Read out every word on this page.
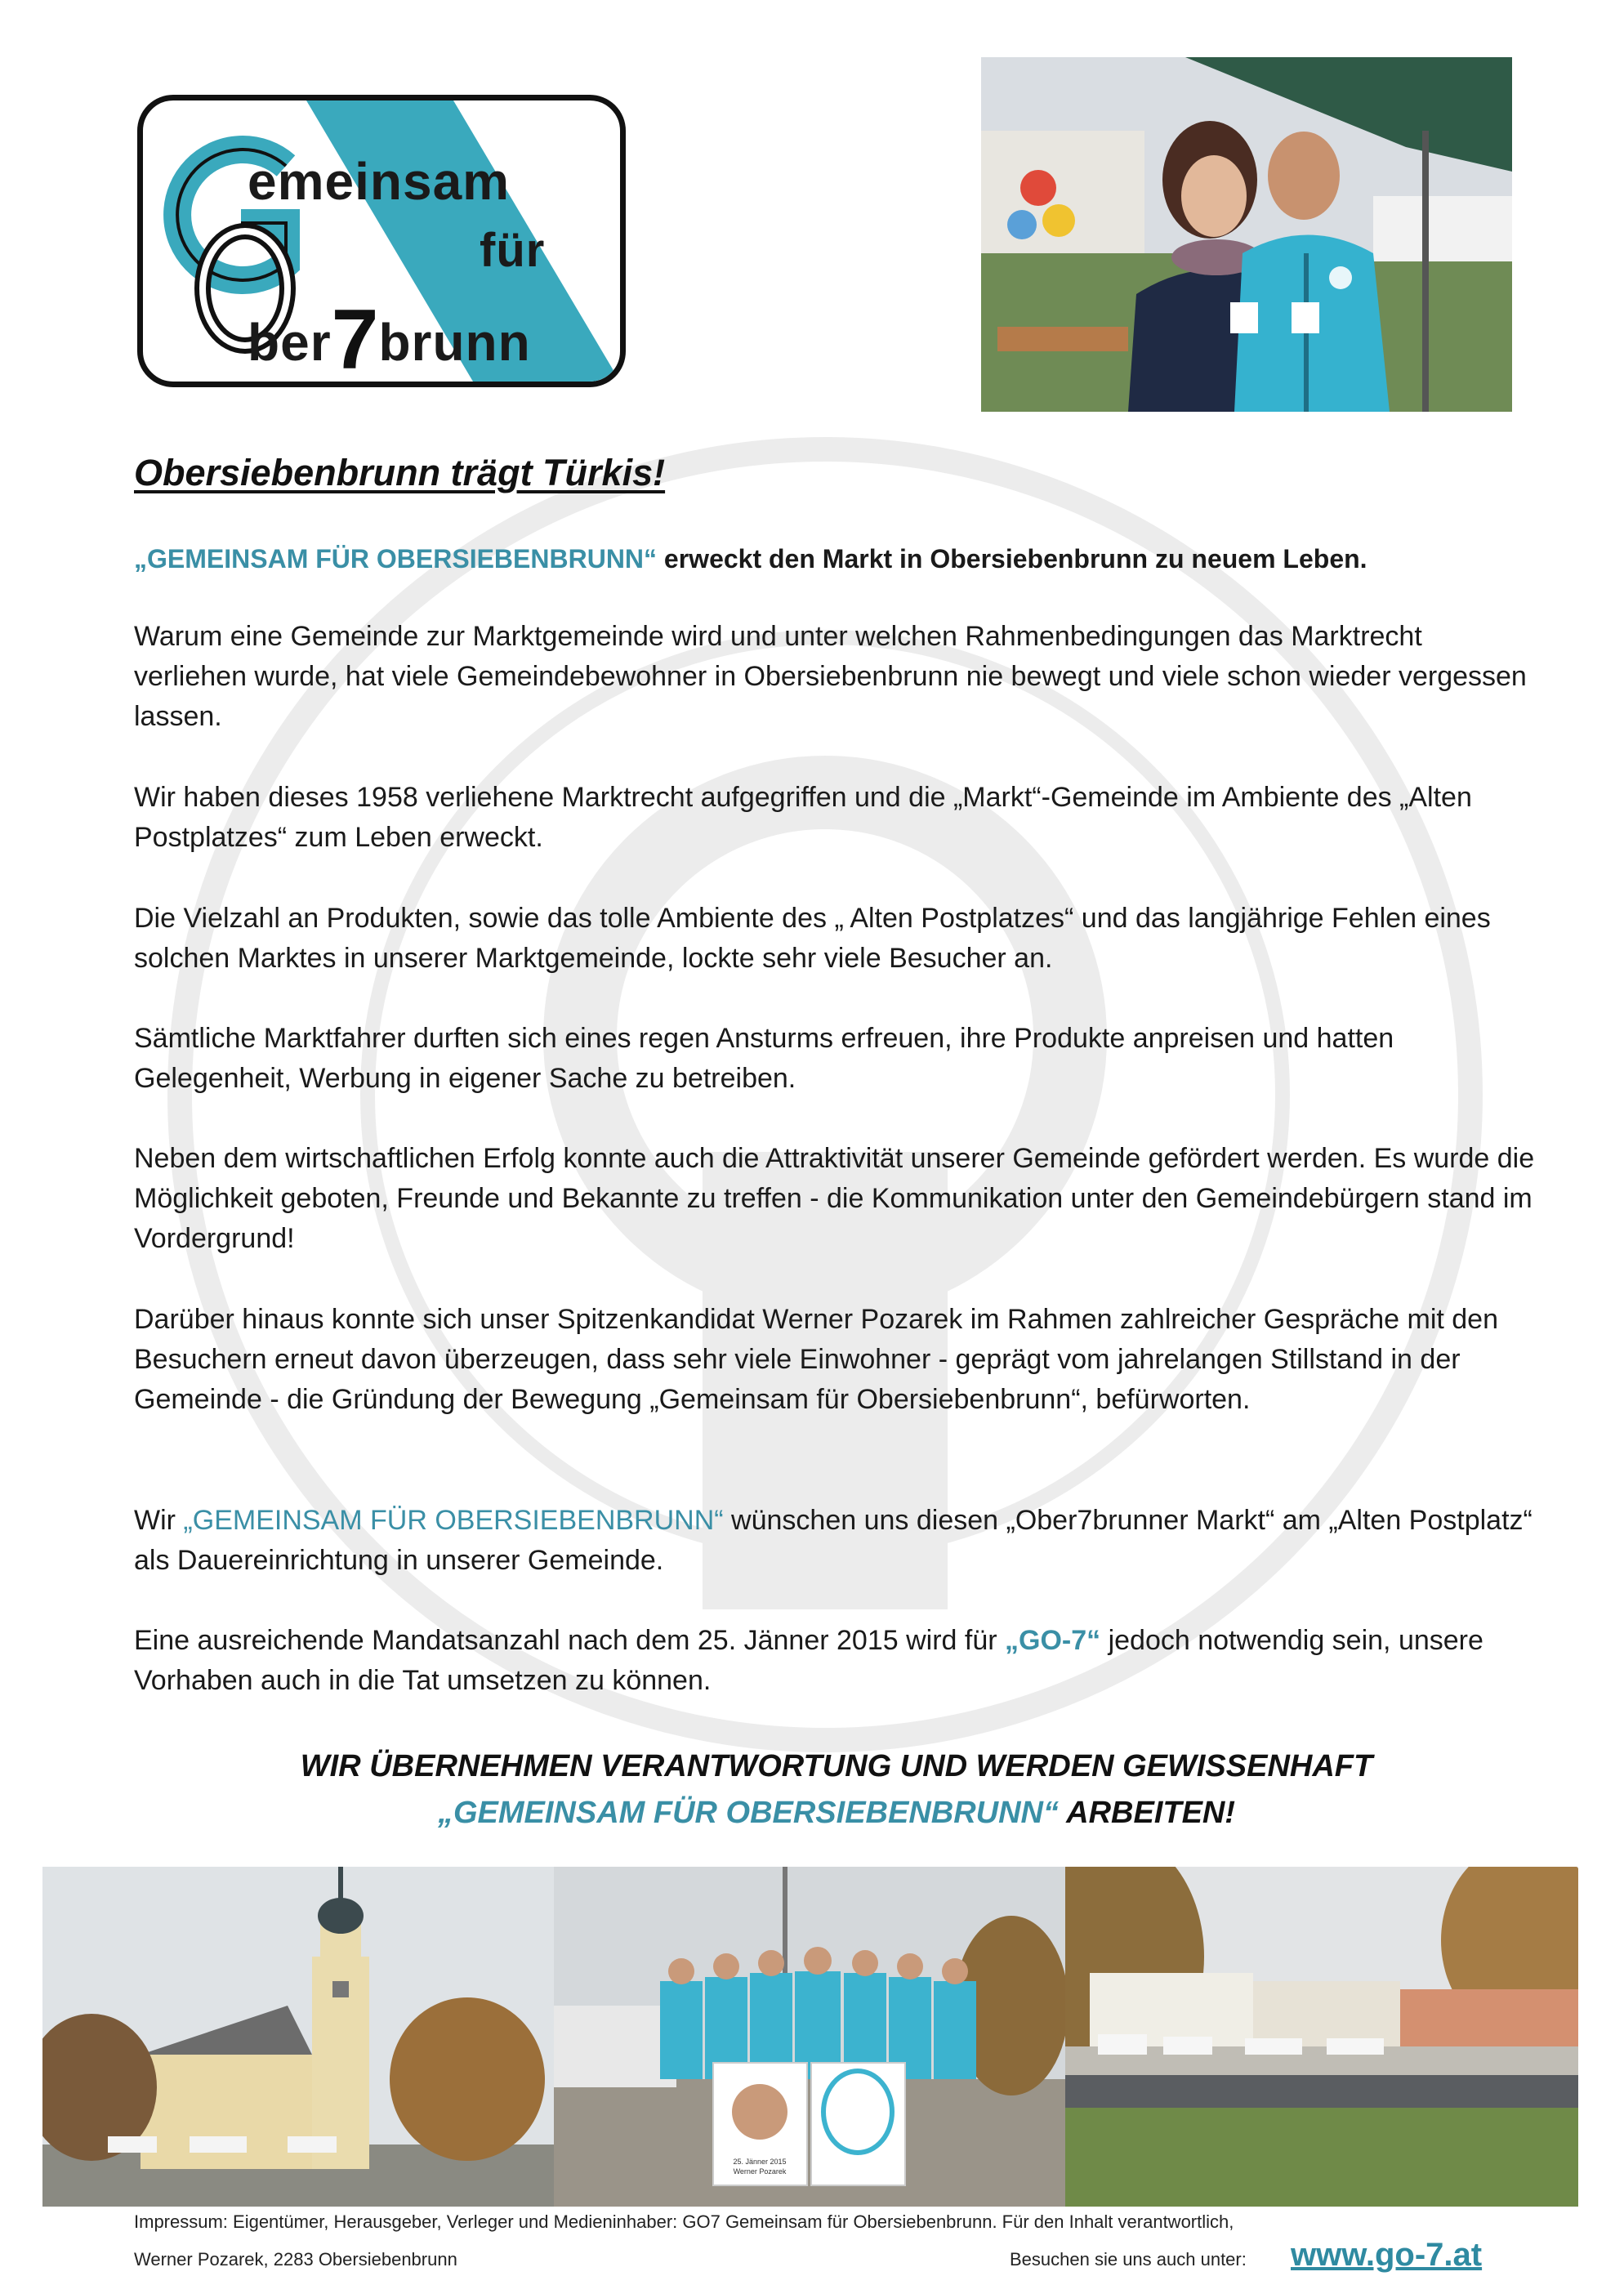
emeinsam
für
ber7brunn
Obersiebenbrunn trägt Türkis!

„GEMEINSAM FÜR OBERSIEBENBRUNN“ erweckt den Markt in Obersiebenbrunn zu neuem Leben.

Warum eine Gemeinde zur Marktgemeinde wird und unter welchen Rahmenbedingungen das Marktrecht verliehen wurde, hat viele Gemeindebewohner in Obersiebenbrunn nie bewegt und viele schon wieder vergessen lassen.

Wir haben dieses 1958 verliehene Marktrecht aufgegriffen und die „Markt“-Gemeinde im Ambiente des „Alten Postplatzes“ zum Leben erweckt.

Die Vielzahl an Produkten, sowie das tolle Ambiente des „ Alten Postplatzes“ und das langjährige Fehlen eines solchen Marktes in unserer Marktgemeinde, lockte sehr viele Besucher an.

Sämtliche Marktfahrer durften sich eines regen Ansturms erfreuen, ihre Produkte anpreisen und hatten Gelegenheit, Werbung in eigener Sache zu betreiben.

Neben dem wirtschaftlichen Erfolg konnte auch die Attraktivität unserer Gemeinde gefördert werden. Es wurde die Möglichkeit geboten, Freunde und Bekannte zu treffen - die Kommunikation unter den Gemeindebürgern stand im Vordergrund!

Darüber hinaus konnte sich unser Spitzenkandidat Werner Pozarek im Rahmen zahlreicher Gespräche mit den Besuchern erneut davon überzeugen, dass sehr viele Einwohner - geprägt vom jahrelangen Stillstand in der Gemeinde - die Gründung der Bewegung „Gemeinsam für Obersiebenbrunn“, befürworten.

Wir „GEMEINSAM FÜR OBERSIEBENBRUNN“ wünschen uns diesen „Ober7brunner Markt“ am „Alten Postplatz“ als Dauereinrichtung in unserer Gemeinde.

Eine ausreichende Mandatsanzahl nach dem 25. Jänner 2015 wird für „GO-7“ jedoch notwendig sein, unsere Vorhaben auch in die Tat umsetzen zu können.

WIR ÜBERNEHMEN VERANTWORTUNG UND WERDEN GEWISSENHAFT
„GEMEINSAM FÜR OBERSIEBENBRUNN“ ARBEITEN!

25. Jänner 2015
Werner Pozarek
Impressum: Eigentümer, Herausgeber, Verleger und Medieninhaber: GO7 Gemeinsam für Obersiebenbrunn. Für den Inhalt verantwortlich,
Werner Pozarek, 2283 Obersiebenbrunn	Besuchen sie uns auch unter: www.go-7.at
